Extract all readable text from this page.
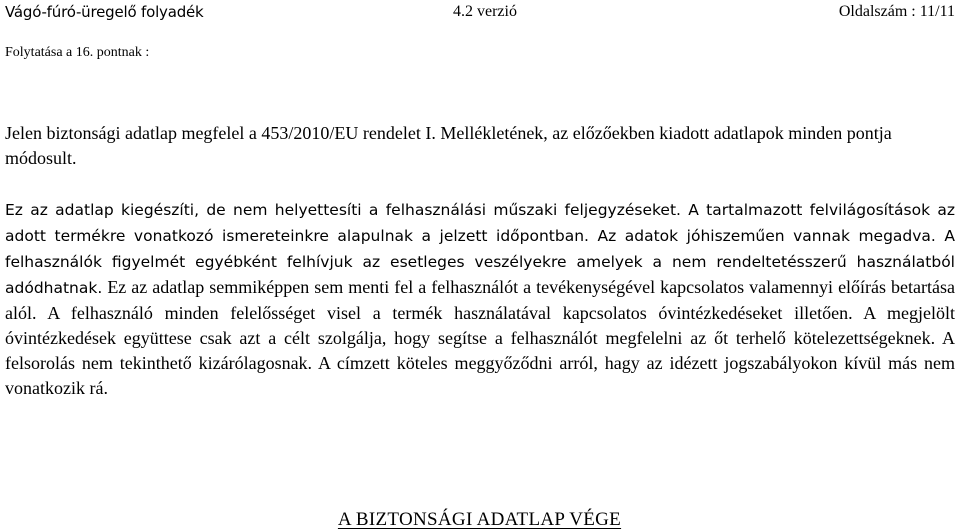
Vágó-fúró-üregelő folyadék	4.2 verzió	Oldalszám : 11/11
Folytatása a 16. pontnak :
Jelen biztonsági adatlap megfelel a 453/2010/EU rendelet I. Mellékletének, az előzőekben kiadott adatlapok minden pontja módosult.
Ez az adatlap kiegészíti, de nem helyettesíti a felhasználási műszaki feljegyzéseket. A tartalmazott felvilágosítások az adott termékre vonatkozó ismereteinkre alapulnak a jelzett időpontban. Az adatok jóhiszeműen vannak megadva. A felhasználók figyelmét egyébként felhívjuk az esetleges veszélyekre amelyek a nem rendeltetésszerű használatból adódhatnak. Ez az adatlap semmiképpen sem menti fel a felhasználót a tevékenységével kapcsolatos valamennyi előírás betartása alól. A felhasználó minden felelősséget visel a termék használatával kapcsolatos óvintézkedéseket illetően. A megjelölt óvintézkedések együttese csak azt a célt szolgálja, hogy segítse a felhasználót megfelelni az őt terhelő kötelezettségeknek. A felsorolás nem tekinthető kizárólagosnak. A címzett köteles meggyőződni arról, hagy az idézett jogszabályokon kívül más nem vonatkozik rá.
A BIZTONSÁGI ADATLAP VÉGE
